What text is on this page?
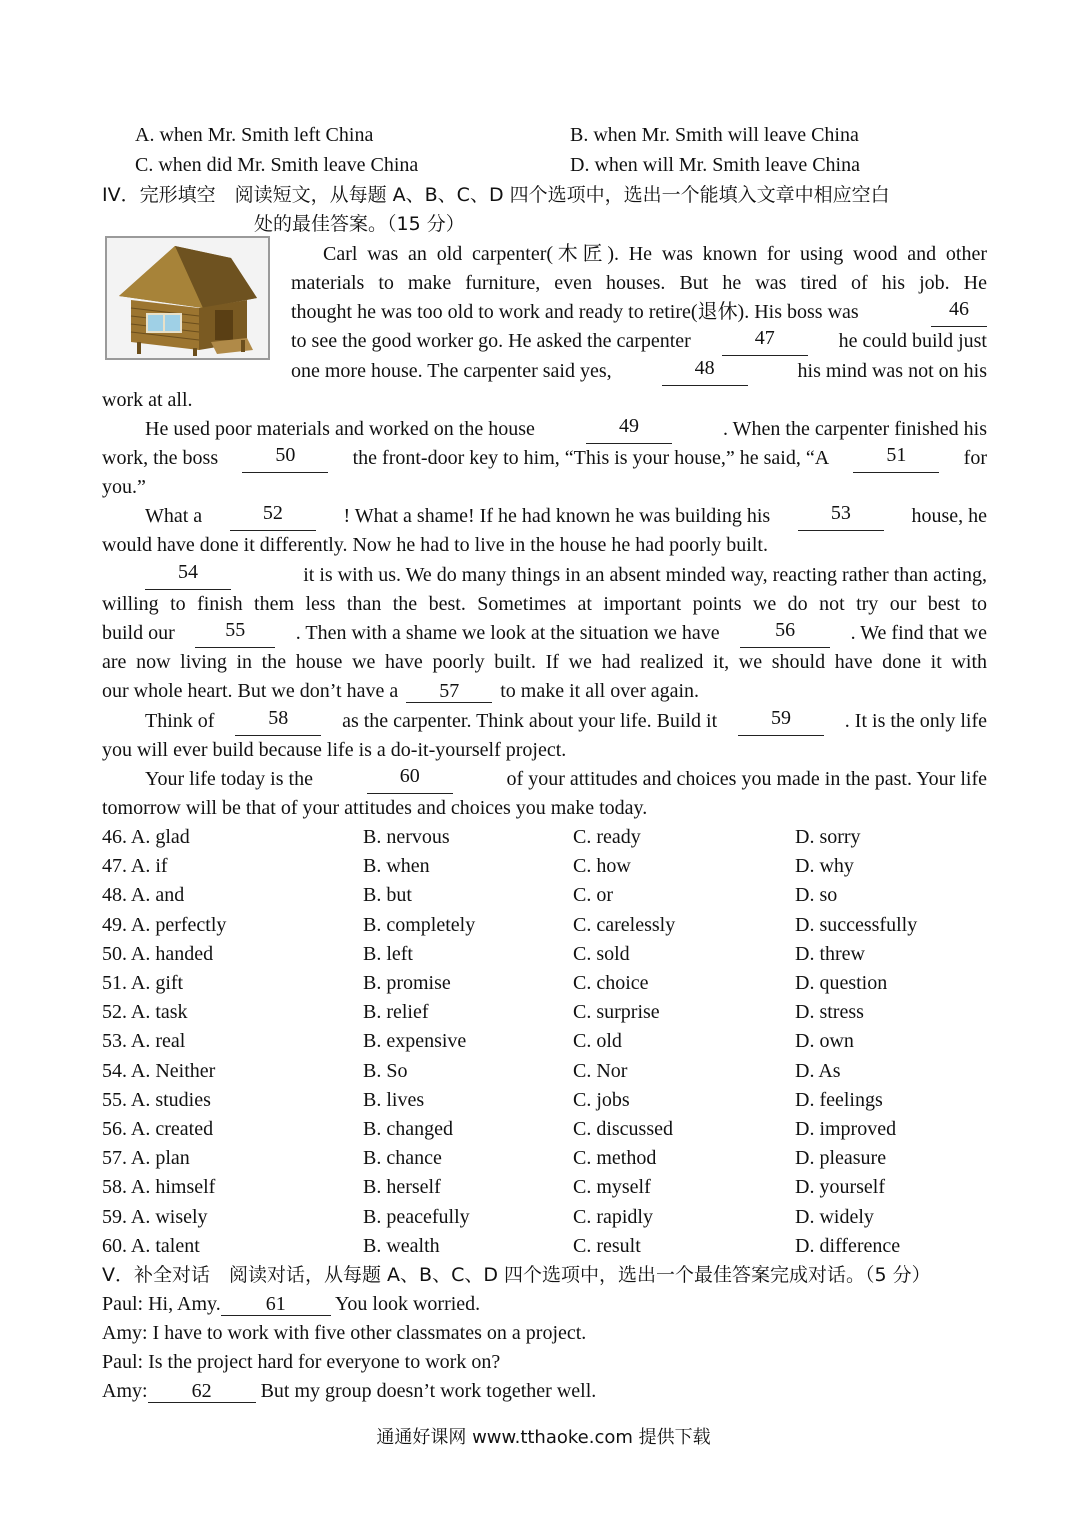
A. when Mr. Smith left China	B. when Mr. Smith will leave China
C. when did Mr. Smith leave China	D. when will Mr. Smith leave China
IV．完形填空　阅读短文，从每题 A、B、C、D 四个选项中，选出一个能填入文章中相应空白
处的最佳答案。（15 分）
Carl was an old carpenter(木匠). He was known for using wood and other
materials to make furniture, even houses. But he was tired of his job. He
thought he was too old to work and ready to retire(退休). His boss was	46
to see the good worker go. He asked the carpenter	47	he could build just
one more house. The carpenter said yes,	48	his mind was not on his
work at all.
He used poor materials and worked on the house	49	. When the carpenter finished his
work, the boss	50	the front-door key to him, “This is your house,” he said, “A	51	for
you.”
What a	52	! What a shame! If he had known he was building his	53	house, he
would have done it differently. Now he had to live in the house he had poorly built.
54	it is with us. We do many things in an absent minded way, reacting rather than acting,
willing to finish them less than the best. Sometimes at important points we do not try our best to
build our	55	. Then with a shame we look at the situation we have	56	. We find that we
are now living in the house we have poorly built. If we had realized it, we should have done it with
our whole heart. But we don’t have a 57 to make it all over again.
Think of	58	as the carpenter. Think about your life. Build it	59	. It is the only life
you will ever build because life is a do-it-yourself project.
Your life today is the	60	of your attitudes and choices you made in the past. Your life
tomorrow will be that of your attitudes and choices you make today.
46. A. glad	B. nervous	C. ready	D. sorry
47. A. if	B. when	C. how	D. why
48. A. and	B. but	C. or	D. so
49. A. perfectly	B. completely	C. carelessly	D. successfully
50. A. handed	B. left	C. sold	D. threw
51. A. gift	B. promise	C. choice	D. question
52. A. task	B. relief	C. surprise	D. stress
53. A. real	B. expensive	C. old	D. own
54. A. Neither	B. So	C. Nor	D. As
55. A. studies	B. lives	C. jobs	D. feelings
56. A. created	B. changed	C. discussed	D. improved
57. A. plan	B. chance	C. method	D. pleasure
58. A. himself	B. herself	C. myself	D. yourself
59. A. wisely	B. peacefully	C. rapidly	D. widely
60. A. talent	B. wealth	C. result	D. difference
V．补全对话　阅读对话，从每题 A、B、C、D 四个选项中，选出一个最佳答案完成对话。（5 分）
Paul: Hi, Amy. 61 You look worried.
Amy: I have to work with five other classmates on a project.
Paul: Is the project hard for everyone to work on?
Amy: 62 But my group doesn’t work together well.
通通好课网 www.tthaoke.com 提供下载
